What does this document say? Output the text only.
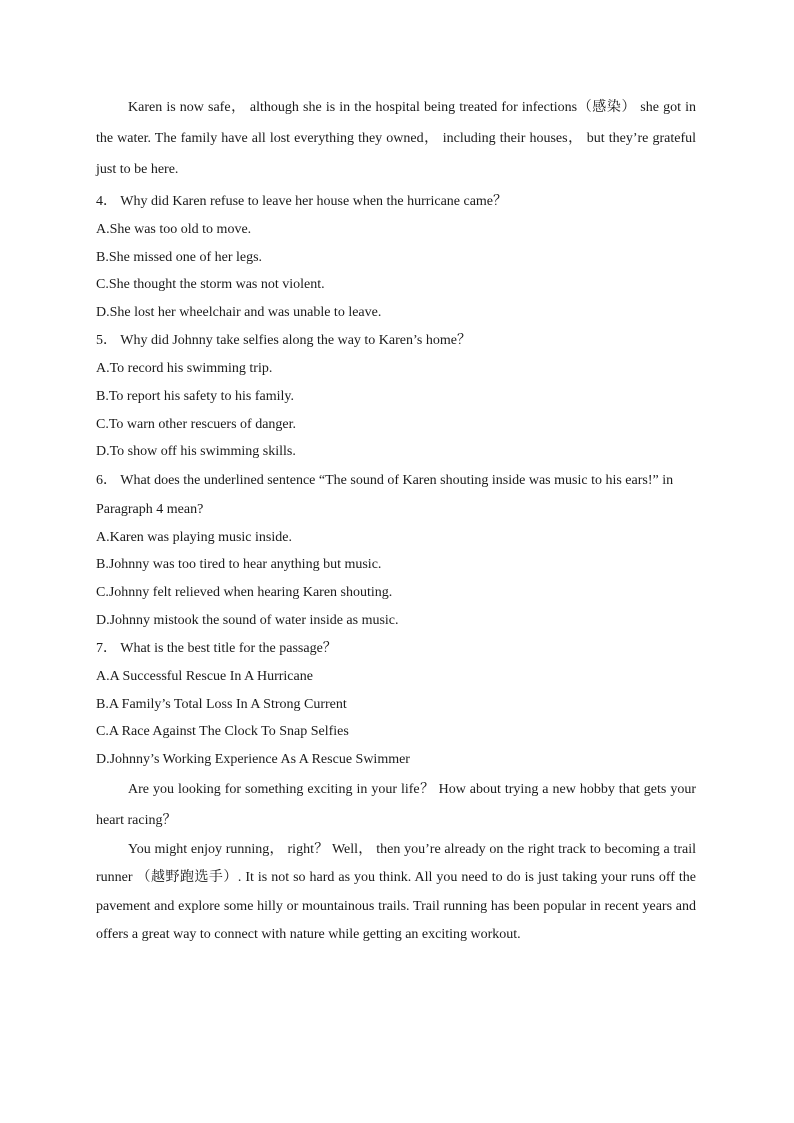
Karen is now safe， although she is in the hospital being treated for infections（感染） she got in the water. The family have all lost everything they owned， including their houses， but they’re grateful just to be here.

4． Why did Karen refuse to leave her house when the hurricane came？

A.She was too old to move.

B.She missed one of her legs.

C.She thought the storm was not violent.

D.She lost her wheelchair and was unable to leave.

5． Why did Johnny take selfies along the way to Karen’s home？

A.To record his swimming trip.

B.To report his safety to his family.

C.To warn other rescuers of danger.

D.To show off his swimming skills.

6． What does the underlined sentence “The sound of Karen shouting inside was music to his ears!” in Paragraph 4 mean?

A.Karen was playing music inside.

B.Johnny was too tired to hear anything but music.

C.Johnny felt relieved when hearing Karen shouting.

D.Johnny mistook the sound of water inside as music.

7． What is the best title for the passage？

A.A Successful Rescue In A Hurricane

B.A Family’s Total Loss In A Strong Current

C.A Race Against The Clock To Snap Selfies

D.Johnny’s Working Experience As A Rescue Swimmer

Are you looking for something exciting in your life？ How about trying a new hobby that gets your heart racing？

You might enjoy running， right？ Well， then you’re already on the right track to becoming a trail runner （越野跑选手）. It is not so hard as you think. All you need to do is just taking your runs off the pavement and explore some hilly or mountainous trails. Trail running has been popular in recent years and offers a great way to connect with nature while getting an exciting workout.
